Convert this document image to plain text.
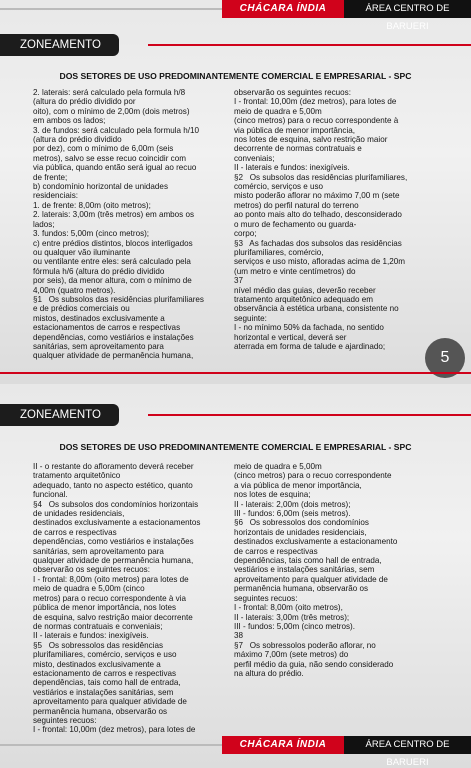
CHÁCARA ÍNDIA	ÁREA CENTRO DE BARUERI
ZONEAMENTO
DOS SETORES DE USO PREDOMINANTEMENTE COMERCIAL E EMPRESARIAL - SPC
2. laterais: será calculado pela formula h/8
(altura do prédio dividido por
oito), com o mínimo de 2,00m (dois metros)
em ambos os lados;
3. de fundos: será calculado pela formula h/10
(altura do prédio dividido
por dez), com o mínimo de 6,00m (seis
metros), salvo se esse recuo coincidir com
via pública, quando então será igual ao recuo
de frente;
b) condomínio horizontal de unidades
residenciais:
1. de frente: 8,00m (oito metros);
2. laterais: 3,00m (três metros) em ambos os
lados;
3. fundos: 5,00m (cinco metros);
c) entre prédios distintos, blocos interligados
ou qualquer vão iluminante
ou ventilante entre eles: será calculado pela
fórmula h/6 (altura do prédio dividido
por seis), da menor altura, com o mínimo de
4,00m (quatro metros).
§1   Os subsolos das residências plurifamiliares
e de prédios comerciais ou
mistos, destinados exclusivamente a
estacionamentos de carros e respectivas
dependências, como vestiários e instalações
sanitárias, sem aproveitamento para
qualquer atividade de permanência humana,
observarão os seguintes recuos:
I - frontal: 10,00m (dez metros), para lotes de
meio de quadra e 5,00m
(cinco metros) para o recuo correspondente à
via pública de menor importância,
nos lotes de esquina, salvo restrição maior
decorrente de normas contratuais e
conveniais;
II - laterais e fundos: inexigíveis.
§2   Os subsolos das residências plurifamiliares,
comércio, serviços e uso
misto poderão aflorar no máximo 7,00 m (sete
metros) do perfil natural do terreno
ao ponto mais alto do telhado, desconsiderado
o muro de fechamento ou guarda-
corpo;
§3   As fachadas dos subsolos das residências
plurifamiliares, comércio,
serviços e uso misto, afloradas acima de 1,20m
(um metro e vinte centímetros) do
37
nível médio das guias, deverão receber
tratamento arquitetônico adequado em
observância à estética urbana, consistente no
seguinte:
I - no mínimo 50% da fachada, no sentido
horizontal e vertical, deverá ser
aterrada em forma de talude e ajardinado;
5
CHÁCARA ÍNDIA	ÁREA CENTRO DE BARUERI
ZONEAMENTO
DOS SETORES DE USO PREDOMINANTEMENTE COMERCIAL E EMPRESARIAL - SPC
II - o restante do afloramento deverá receber
tratamento arquitetônico
adequado, tanto no aspecto estético, quanto
funcional.
§4   Os subsolos dos condomínios horizontais
de unidades residenciais,
destinados exclusivamente a estacionamentos
de carros e respectivas
dependências, como vestiários e instalações
sanitárias, sem aproveitamento para
qualquer atividade de permanência humana,
observarão os seguintes recuos:
I - frontal: 8,00m (oito metros) para lotes de
meio de quadra e 5,00m (cinco
metros) para o recuo correspondente à via
pública de menor importância, nos lotes
de esquina, salvo restrição maior decorrente
de normas contratuais e conveniais;
II - laterais e fundos: inexigíveis.
§5   Os sobressolos das residências
plurifamiliares, comércio, serviços e uso
misto, destinados exclusivamente a
estacionamento de carros e respectivas
dependências, tais como hall de entrada,
vestiários e instalações sanitárias, sem
aproveitamento para qualquer atividade de
permanência humana, observarão os
seguintes recuos:
I - frontal: 10,00m (dez metros), para lotes de
meio de quadra e 5,00m
(cinco metros) para o recuo correspondente
a via pública de menor importância,
nos lotes de esquina;
II - laterais: 2,00m (dois metros);
III - fundos: 6,00m (seis metros).
§6   Os sobressolos dos condomínios
horizontais de unidades residenciais,
destinados exclusivamente a estacionamento
de carros e respectivas
dependências, tais como hall de entrada,
vestiários e instalações sanitárias, sem
aproveitamento para qualquer atividade de
permanência humana, observarão os
seguintes recuos:
I - frontal: 8,00m (oito metros),
II - laterais: 3,00m (três metros);
III - fundos: 5,00m (cinco metros).
38
§7   Os sobressolos poderão aflorar, no
máximo 7,00m (sete metros) do
perfil médio da guia, não sendo considerado
na altura do prédio.
